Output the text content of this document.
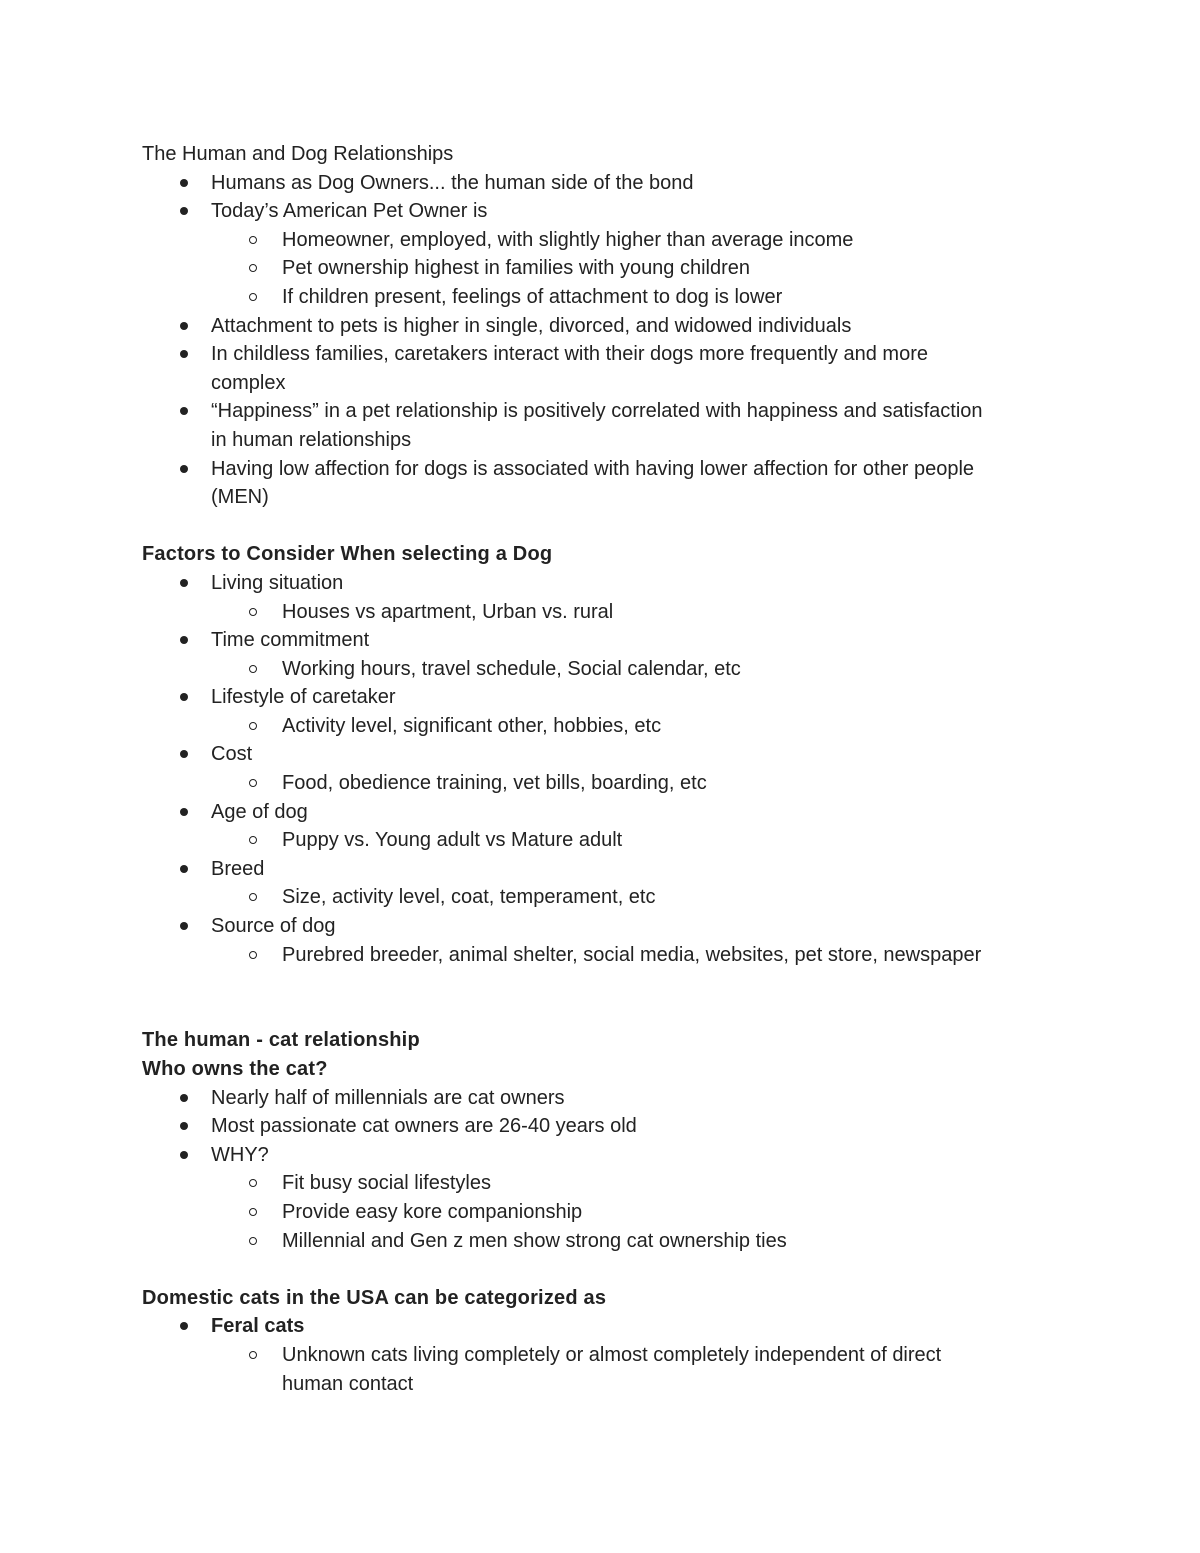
The Human and Dog Relationships
Humans as Dog Owners... the human side of the bond
Today’s American Pet Owner is
Homeowner, employed, with slightly higher than average income
Pet ownership highest in families with young children
If children present, feelings of attachment to dog is lower
Attachment to pets is higher in single, divorced, and widowed individuals
In childless families, caretakers interact with their dogs more frequently and more
complex
“Happiness” in a pet relationship is positively correlated with happiness and satisfaction
in human relationships
Having low affection for dogs is associated with having lower affection for other people
(MEN)
Factors to Consider When selecting a Dog
Living situation
Houses vs apartment, Urban vs. rural
Time commitment
Working hours, travel schedule, Social calendar, etc
Lifestyle of caretaker
Activity level, significant other, hobbies, etc
Cost
Food, obedience training, vet bills, boarding, etc
Age of dog
Puppy vs. Young adult vs Mature adult
Breed
Size, activity level, coat, temperament, etc
Source of dog
Purebred breeder, animal shelter, social media, websites, pet store, newspaper
The human - cat relationship
Who owns the cat?
Nearly half of millennials are cat owners
Most passionate cat owners are 26-40 years old
WHY?
Fit busy social lifestyles
Provide easy kore companionship
Millennial and Gen z men show strong cat ownership ties
Domestic cats in the USA can be categorized as
Feral cats
Unknown cats living completely or almost completely independent of direct
human contact
